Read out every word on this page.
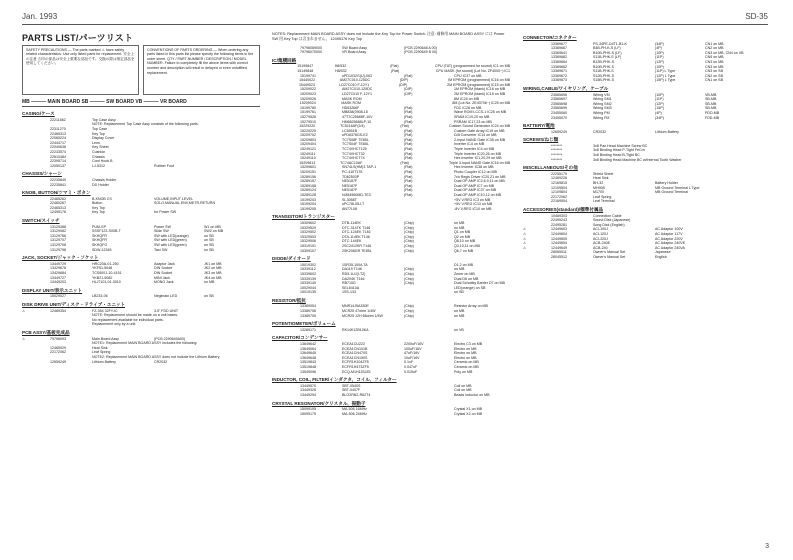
Jan. 1993	SD-35
PARTS LIST/パーツリスト
SAFETY PRECAUTIONS — The parts marked ⚠ have safety related characteristics. Use only listed parts for replacement. 安全上の注意 ⚠印の部品は安全上重要な部品です。交換の際は指定部品を使用してください。
CONVENTIONS OF PARTS ORDERING — When ordering any parts listed in this parts list please specify the following items in the order sheet. QTY / PART NUMBER / DESCRIPTION / MODEL NUMBER. Failure to completely fill the above items with correct number and description will result in delayed or even unfulfilled replacement.
MB ——— MAIN BOARD SB ——— SW BOARD VB ——— VR BOARD
CASING/ケース
22211662	Top Case Assy
NOTE: Replacement Top Case Assy consists of the following parts.
22311270	Top Case
22465313	Key Top
22065224	Display Cover
22444717	Lens
22040636	Key Sheet
22233574	Cushion
22610484	Chassis
22395714	Cord Hook B
12050137	LJ-5312	Rubber Foot
CHASSIS/シャーシ
22235840	Chassis Holder
22235841	DD Holder
KNOB, BUTTON/ツマミ・ボタン
22465262	B-KNOB CS	VOLUME,INPUT LEVEL
22465267	Button	SOLO,MANUAL ENV,METR,RETURN
22465313	Key Top
12495176	Key Top	for Power SW
SWITCH/スイッチ
13125388	PUM-SP	Power SW	W1 on MB
13129062	SSSF123-S00B-T	Slide SW	SW2 on MB
13129766	SKHQFR	SW with LED(orange)	on SB
13129707	SKHQFR	SW with LED(green)	on SB
13129708	SKHQFG	SW with LED(green)	on SB
13129798	SDW-12345	Tact SW	on SB
JACK, SOCKET/ジャック・ソケット
13449729	HRC20A-01-250	Adaptor Jack	JK1 on MB
13429676	YKF51-5048	DIN Socket	JK2 on MB
13429684	TCS6001-10-4151	DIN Socket	JK3 on MB
13449727	YKB21-5082	MINI Jack	JK4 on MB
13449203	HLJ7101-01-3010	MONO Jack	on MB
DISPLAY UNIT/表示ユニット
15029027	LB233-06	Negimain LED	on SB
DISK DRIVE UNIT/ディスク・ドライブ・ユニット
⚠	12489354	FZ-354 32FYJC	3.5" FDD UNIT
NOTE: Replacement should be made on a unit bases.
No replacement available for individual parts.
Replacement only by a unit.
PCB ASSY/基板完成品
⚠	79796093	Main Board Assy	(PCB 2290649A00)
NOTE1: Replacement MAIN BOARD ASSY includes the following:
12465029	Heat Sink
22172062	Leaf Spring
NOTE2: Replacement MAIN BOARD ASSY does not include the Lithium Battery.
12659249	Lithium Battery	CR2032
NOTES: Replacement MAIN BOARD ASSY does not include the Key Top for Power Switch. 注意: 補修用 MAIN BOARD ASSY には Power SW 用 Key Top は含まれません。 12495176 Key Top
79796069000	SW Board Assy	(PCB 2290648 A 00)
79796070000	VR Board Assy	(PCB 2290649 B 00)
IC/集積回路
15199847	H8/532	(Flat)	CPU (TAT) (programmed for sound) IC1 on MB
15149848	H8/532	(Flat)	CPU MASK (for sound) (Lot No. ZF4000~) IC1
15199741	uPD1032G(U)-063	(Flat)	CPU IC37 on MB
15440022	AM27C010-125DC	(DIP)	IM EPROM (programmed) IC16 on MB
15449023	LD27C010 F-12Y1	(DIP)	2M EPROM (programmed) IC15 on MB
15209022	AM27C010-125DC	(DIP)	1M EPROM (blank) IC16 on MB
15209023	LD27C010 F-12Y1	(DIP)	2M EPROM (blank) IC15 on MB
15209026	MASK ROM	8M IC24 on MB
15209024	MASK ROM	8M (Lot No. ZE43706~) IC25 on MB
15199780	HD63266F	(Flat)	FDC IC28 on MB
15199761	MB838(0908-15	(Flat)	Wave ROM LCCS-1 IC25 on MB
15279526	47T7C25688F-10V	(Flat)	SRAM IC19,20 on MB
15279510	HM6825688LP-10	(Flat)	PSRAM IC17,23 on MB
15229220	TC5116AF(2/4)	(Flat)	Custom Sound Generator IC24 on MB
15229225	LC6551B	(Flat)	Custom Gate Array IC19 on MB
15209702	uPD6376GS-E2	(Flat)	D/A Converter IC14 on MB
15209803	TC7S08F TE85L	(Flat)	2-Input NAND Gate IC35 on MB
15209404	TC7S04F TE85L	(Flat)	Inverter IC4 on MB
15249121	TC74VHCT125	(Flat)	Triple Inverter IC4 on MB
15249111	TC74VHCT32	(Flat)	Triple Inverter IC20,26 on MB
15249110	TC74VHCT74	(Flat)	Hex Inverter IC1,20,29 on MB
15209813	TC74AC10AF	(Flat)	Triple 3-Input NAND Gate IC16 on MB
15209601	SN74LS(HM)3 TAP-1	(Flat)	Hex Inverter IC38 on MB
15209151	PC-410T176	(Flat)	Photo Coupler IC12 on MB
15289156	TD62503P	(Flat)	7ch Regis Driver IC20,21 on MB
15289157	NE5187F	(Flat)	Dual OP AMP IC2,6,9,11 on MB
15289158	NE5187F	(Flat)	Dual OP AMP IC7 on MB
15289124	NE5187F	(Flat)	Dual OP AMP IC37 on MB
15289128	NJM4560MD-TE3	(Flat)	Dual OP AMP IC10,12 on MB
15199203	SI-3058T	+5V V.REG IC3 on MB
15199204	uPC78L05J-T	+5V V.REG IC13 on MB
15199205	AN77L08	-8V V.REG IC10 on MB
TRANSISTOR/トランジスター
15309602	DTB-114EK	(Chip)	on MB
15329529	DTC-314TK T146	(Chip)	on MB
15329502	DTC-124EK T146	(Chip)	Q1 on MB
15329503	DTA-114EK T146	(Chip)	Q2 on MB
15329506	DTC-144EK	(Chip)	Q8,10 on MB
15319101	2SC2412KR T146	(Chip)	Q3,10,11 on MB
15309107	2SK208GR TE85L	(Chip)	Q6,7 on MB
DIODE/ダイオード
15019302	1SR35-100A TA	D1,2 on MB
15339112	DA119 T146	(Chip)	on MB
15339602	RD5.1UJ(I-T2)	(Chip)	Zener on MB
15339139	DA204K T146	(Chip)	Dual D6 on MB
15339140	RB715G	(Chip)	Dual Schottky Barrier D7 on MB
15029044	SEL6410A	LED(orange) on SB
15019135	1SS-133	on SB
RESISTOR/抵抗
13389054	MNR14J5A330E	(Chip)	Resistor Array on MB
13389706	MCR25 47ohm 1/4W	(Chip)	on MB
13389709	MCR25 J2H 68ohm 1/4W	(Chip)	on MB
POTENTIOMETER/ボリューム
13289171	RK14K12B10KA	on VB
CAPACITOR/コンデンサー
13649642	ECEA1CU222	2200uF/16V	Electro C3 on MB
13649064	ECEA1CN101B	100uF/16V	Electro on MB
13649645	ECEA1CN470S	47uF/16V	Electro on MB
13649648	ECEA1CN150S	10uF/16V	Electro on MB
13519843	ECFR1H104ZF5	0.1uF	Ceramic on MB
13519848	ECFR1H473ZF5	0.047uF	Ceramic on MB
13549096	ECQ-M1H153JZ5	0.015uF	Poly on MB
INDUCTOR, COIL, FILTER/インダクタ、コイル、フィルター
13449570	SBT-0540S	Coil on MB
13449326	SBT-0407F	Coil on MB
13449294	BLO2RN2-R62T4	Beads Inductor on MB
CRYSTAL RESONATOR/クリスタル、振動子
15099195	MA-506 16MHz	Crystal X1 on MB
15099175	MA-506 24MHz	Crystal X2 on MB
CONNECTOR/コネクター
13369677	PS-34PE-D4T1-B1-K	(34P)	CN1 on MB
13369667	B4B-PH-K-S (LF)	(4P)	CN2 on MB
13369641	B10B-PHK-S (LF)	(10P)	CN3 on MB, CN4 on VB
13369682	S11B-PHK-S (LF)	(11P)	CN5 on MB
13369664	B12B-PHK-S	(12P)	CN3 on MB
13369662	B10B-PHK-S	(10P)	CN3 on MB
13369671	S11B-PHK-S	(11P) L Type	CN3 on SB
13369672	S12B-PHK-S	(12P) L Type	CN2 on SB
13369673	S15B-PHK-S	(15P) L Type	CN1 on SB
WIRING,CABLE/ワイヤリング、ケーブル
23565696	Wiring VM	(10P)	VB-MB
23565697	Wiring SM1	(11P)	SB-MB
23565698	Wiring SM2	(12P)	SB-MB
23565699	Wiring SM3	(15P)	SB-MB
23455060	Wiring PM	(4P)	PDD-MB
23455070	Wiring FM	(34P)	FDD-MB
BATTERY/電池
12659249	CR2032	Lithium Battery
SCREWS/ねじ類
********	3x8 Pan Head Machine Screw BC
********	3x8 Binding Head P-Tight FeCrn
********	3x8 Binding Head B-Tight BC
********	3x8 Binding Head Machine BC w/Internal Tooth Washer
MISCELLANEOUS/その他
22255179	Shield Sheet
12469226	Heat Sink
12169815	BH-32	Battery Holder
12109504	MH908	MB Ground Terminal L Type
12109804	M1700	MB Ground Terminal
22172062	Leaf Spring
22169504	Leaf Terminal
ACCESSORIES(standard)/標準付属品
10469303	Connection Cable
22495243	Sound Disk (Japanese)
22495281	Song Disk (English)
⚠	12449603	ACI-100J	AC Adaptor 100V
⚠	12449604	ACI-120J	AC Adaptor 117V
⚠	12449605	ACI-220J	AC Adaptor 220V
⚠	12449654	ACB-240E	AC Adaptor 240VE
⚠	12449649	ACB-240	AC Adaptor 240VA
28065511	Owner's Manual Set	Japanese
28045512	Owner's Manual Set	English
3
